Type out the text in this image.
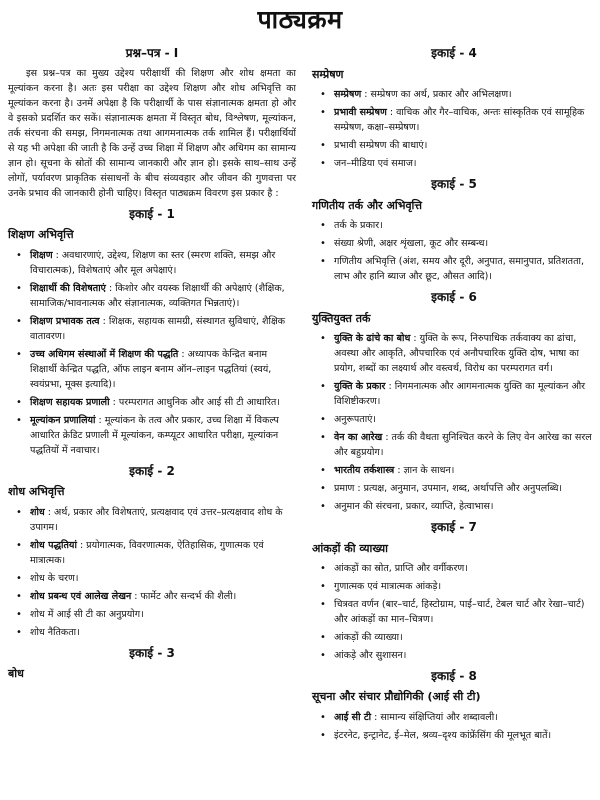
पाठ्यक्रम
प्रश्न–पत्र - I

इस प्रश्न–पत्र का मुख्य उद्देश्य परीक्षार्थी की शिक्षण और शोध क्षमता का मूल्यांकन करना है। अतः इस परीक्षा का उद्देश्य शिक्षण और शोध अभिवृत्ति का मूल्यांकन करना है। उनमें अपेक्षा है कि परीक्षार्थी के पास संज्ञानात्मक क्षमता हो और वे इसको प्रदर्शित कर सकें। संज्ञानात्मक क्षमता में विस्तृत बोध, विश्लेषण, मूल्यांकन, तर्क संरचना की समझ, निगमनात्मक तथा आगमनात्मक तर्क शामिल हैं। परीक्षार्थियों से यह भी अपेक्षा की जाती है कि उन्हें उच्च शिक्षा में शिक्षण और अधिगम का सामान्य ज्ञान हो। सूचना के स्रोतों की सामान्य जानकारी और ज्ञान हो। इसके साथ–साथ उन्हें लोगों, पर्यावरण प्राकृतिक संसाधनों के बीच संव्यवहार और जीवन की गुणवत्ता पर उनके प्रभाव की जानकारी होनी चाहिए। विस्तृत पाठ्यक्रम विवरण इस प्रकार है :

इकाई - 1
शिक्षण अभिवृत्ति
• शिक्षण : अवधारणाएं, उद्देश्य, शिक्षण का स्तर (स्मरण शक्ति, समझ और विचारात्मक), विशेषताएं और मूल अपेक्षाएं।
• शिक्षार्थी की विशेषताएं : किशोर और वयस्क शिक्षार्थी की अपेक्षाएं (शैक्षिक, सामाजिक/भावनात्मक और संज्ञानात्मक, व्यक्तिगत भिन्नताएं)।
• शिक्षण प्रभावक तत्व : शिक्षक, सहायक सामग्री, संस्थागत सुविधाएं, शैक्षिक वातावरण।
• उच्च अधिगम संस्थाओं में शिक्षण की पद्धति : अध्यापक केन्द्रित बनाम शिक्षार्थी केन्द्रित पद्धति, ऑफ लाइन बनाम ऑन–लाइन पद्धतियां (स्वयं, स्वयंप्रभा, मूक्स इत्यादि)।
• शिक्षण सहायक प्रणाली : परम्परागत आधुनिक और आई सी टी आधारित।
• मूल्यांकन प्रणालियां : मूल्यांकन के तत्व और प्रकार, उच्च शिक्षा में विकल्प आधारित क्रेडिट प्रणाली में मूल्यांकन, कम्प्यूटर आधारित परीक्षा, मूल्यांकन पद्धतियों में नवाचार।
इकाई - 2
शोध अभिवृत्ति
• शोध : अर्थ, प्रकार और विशेषताएं, प्रत्यक्षवाद एवं उत्तर–प्रत्यक्षवाद शोध के उपागम।
• शोध पद्धतियां : प्रयोगात्मक, विवरणात्मक, ऐतिहासिक, गुणात्मक एवं मात्रात्मक।
• शोध के चरण।
• शोध प्रबन्ध एवं आलेख लेखन : फार्मेट और सन्दर्भ की शैली।
• शोध में आई सी टी का अनुप्रयोग।
• शोध नैतिकता।
इकाई - 3
बोध
इकाई - 4
सम्प्रेषण
• सम्प्रेषण : सम्प्रेषण का अर्थ, प्रकार और अभिलक्षण।
• प्रभावी सम्प्रेषण : वाचिक और गैर–वाचिक, अन्तः सांस्कृतिक एवं सामूहिक सम्प्रेषण, कक्षा–सम्प्रेषण।
• प्रभावी सम्प्रेषण की बाधाएं।
• जन–मीडिया एवं समाज।
इकाई - 5
गणितीय तर्क और अभिवृत्ति
• तर्क के प्रकार।
• संख्या श्रेणी, अक्षर शृंखला, कूट और सम्बन्ध।
• गणितीय अभिवृत्ति (अंश, समय और दूरी, अनुपात, समानुपात, प्रतिशतता, लाभ और हानि ब्याज और छूट, औसत आदि)।
इकाई - 6
युक्तियुक्त तर्क
• युक्ति के ढांचे का बोध : युक्ति के रूप, निरुपाधिक तर्कवाक्य का ढांचा, अवस्था और आकृति, औपचारिक एवं अनौपचारिक युक्ति दोष, भाषा का प्रयोग, शब्दों का लक्ष्यार्थ और वस्त्वर्थ, विरोध का परम्परागत वर्ग।
• युक्ति के प्रकार : निगमनात्मक और आगमनात्मक युक्ति का मूल्यांकन और विशिष्टीकरण।
• अनुरूपताएं।
• वेन का आरेख : तर्क की वैधता सुनिश्चित करने के लिए वेन आरेख का सरल और बहुप्रयोग।
• भारतीय तर्कशास्त्र : ज्ञान के साधन।
• प्रमाण : प्रत्यक्ष, अनुमान, उपमान, शब्द, अर्थापत्ति और अनुपलब्धि।
• अनुमान की संरचना, प्रकार, व्याप्ति, हेत्वाभास।
इकाई - 7
आंकड़ों की व्याख्या
• आंकड़ों का स्रोत, प्राप्ति और वर्गीकरण।
• गुणात्मक एवं मात्रात्मक आंकड़े।
• चित्रवत वर्णन (बार–चार्ट, हिस्टोग्राम, पाई–चार्ट, टेबल चार्ट और रेखा–चार्ट) और आंकड़ों का मान–चित्रण।
• आंकड़ों की व्याख्या।
• आंकड़े और सुशासन।
इकाई - 8
सूचना और संचार प्रौद्योगिकी (आई सी टी)
• आई सी टी : सामान्य संक्षिप्तियां और शब्दावली।
• इंटरनेट, इन्ट्रानेट, ई–मेल, श्रव्य–दृश्य कांफ्रेंसिंग की मूलभूत बातें।
